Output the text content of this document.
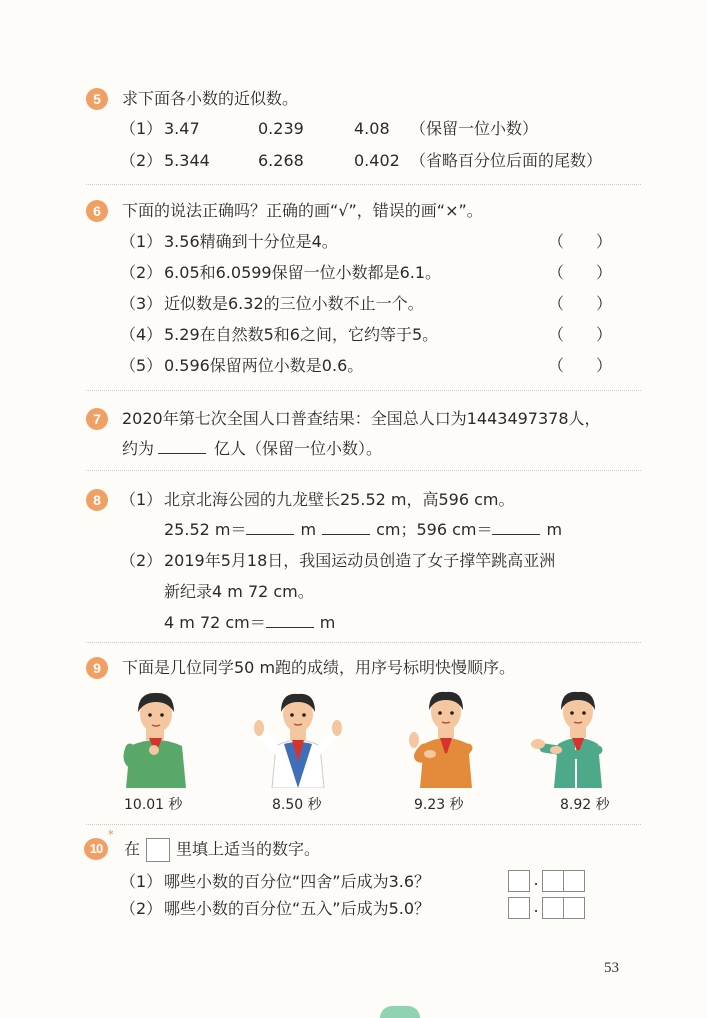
5	求下面各小数的近似数。
（1） 3.47	0.239	4.08 （保留一位小数）
（2） 5.344	6.268	0.402 （省略百分位后面的尾数）
6	下面的说法正确吗？正确的画“√”，错误的画“×”。
（1） 3.56精确到十分位是4。	（　　）
（2） 6.05和6.0599保留一位小数都是6.1。	（　　）
（3） 近似数是6.32的三位小数不止一个。	（　　）
（4） 5.29在自然数5和6之间，它约等于5。	（　　）
（5） 0.596保留两位小数是0.6。	（　　）
7	2020年第七次全国人口普查结果：全国总人口为1443497378人，
约为	亿人（保留一位小数）。
8	（1） 北京北海公园的九龙壁长25.52 m，高596 cm。
25.52 m＝	m	cm；596 cm＝	m
（2） 2019年5月18日，我国运动员创造了女子撑竿跳高亚洲
新纪录4 m 72 cm。
4 m 72 cm＝	m
9	下面是几位同学50 m跑的成绩，用序号标明快慢顺序。
10.01 秒	8.50 秒	9.23 秒	8.92 秒
10
*
在 里填上适当的数字。
（1） 哪些小数的百分位“四舍”后成为3.6？	.
（2） 哪些小数的百分位“五入”后成为5.0？	.
53
